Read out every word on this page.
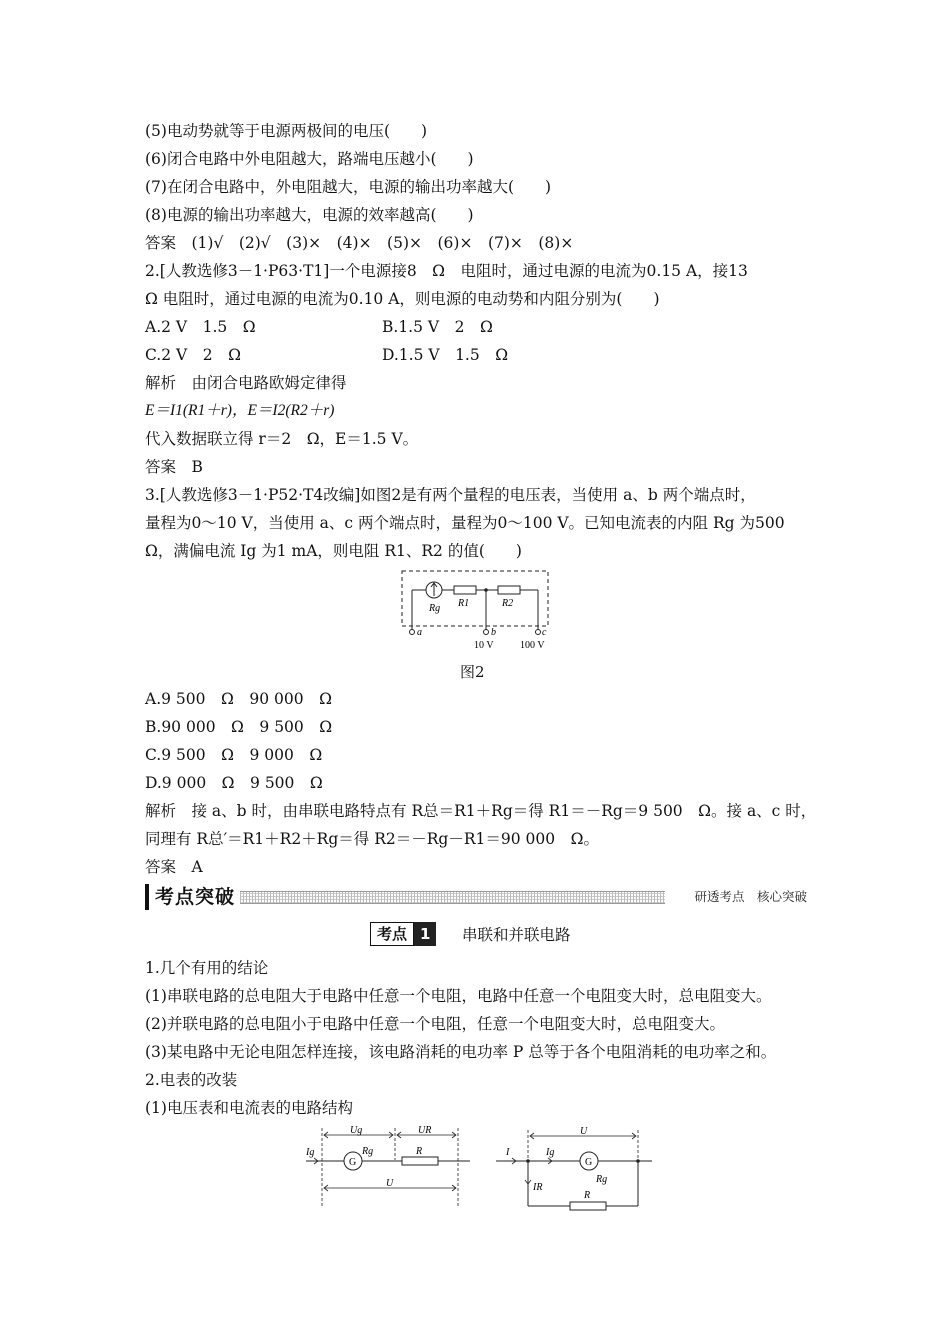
(5)电动势就等于电源两极间的电压(　　)
(6)闭合电路中外电阻越大，路端电压越小(　　)
(7)在闭合电路中，外电阻越大，电源的输出功率越大(　　)
(8)电源的输出功率越大，电源的效率越高(　　)
答案　(1)√　(2)√　(3)×　(4)×　(5)×　(6)×　(7)×　(8)×
2.[人教选修3－1·P63·T1]一个电源接8　Ω　电阻时，通过电源的电流为0.15 A，接13
Ω 电阻时，通过电源的电流为0.10 A，则电源的电动势和内阻分别为(　　)
A.2 V　1.5　Ω	B.1.5 V　2　Ω
C.2 V　2　Ω	D.1.5 V　1.5　Ω
解析　由闭合电路欧姆定律得
E＝I1(R1＋r)，E＝I2(R2＋r)
代入数据联立得 r＝2　Ω，E＝1.5 V。
答案　B
3.[人教选修3－1·P52·T4改编]如图2是有两个量程的电压表，当使用 a、b 两个端点时，
量程为0～10 V，当使用 a、c 两个端点时，量程为0～100 V。已知电流表的内阻 Rg 为500
Ω，满偏电流 Ig 为1 mA，则电阻 R1、R2 的值(　　)
Rg R1	R2
a	b	c
10 V	100 V
图2
A.9 500　Ω　90 000　Ω
B.90 000　Ω　9 500　Ω
C.9 500　Ω　9 000　Ω
D.9 000　Ω　9 500　Ω
解析　接 a、b 时，由串联电路特点有 R总＝R1＋Rg＝得 R1＝－Rg＝9 500　Ω。接 a、c 时，
同理有 R总′＝R1＋R2＋Rg＝得 R2＝－Rg－R1＝90 000　Ω。
答案　A
考点突破	研透考点　核心突破
考点 1	串联和并联电路
1.几个有用的结论
(1)串联电路的总电阻大于电路中任意一个电阻，电路中任意一个电阻变大时，总电阻变大。
(2)并联电路的总电阻小于电路中任意一个电阻，任意一个电阻变大时，总电阻变大。
(3)某电路中无论电阻怎样连接，该电路消耗的电功率 P 总等于各个电阻消耗的电功率之和。
2.电表的改装
(1)电压表和电流表的电路结构
Ig
Ug	UR
G
Rg	R
U
I	Ig
U
G
Rg
IR
R
